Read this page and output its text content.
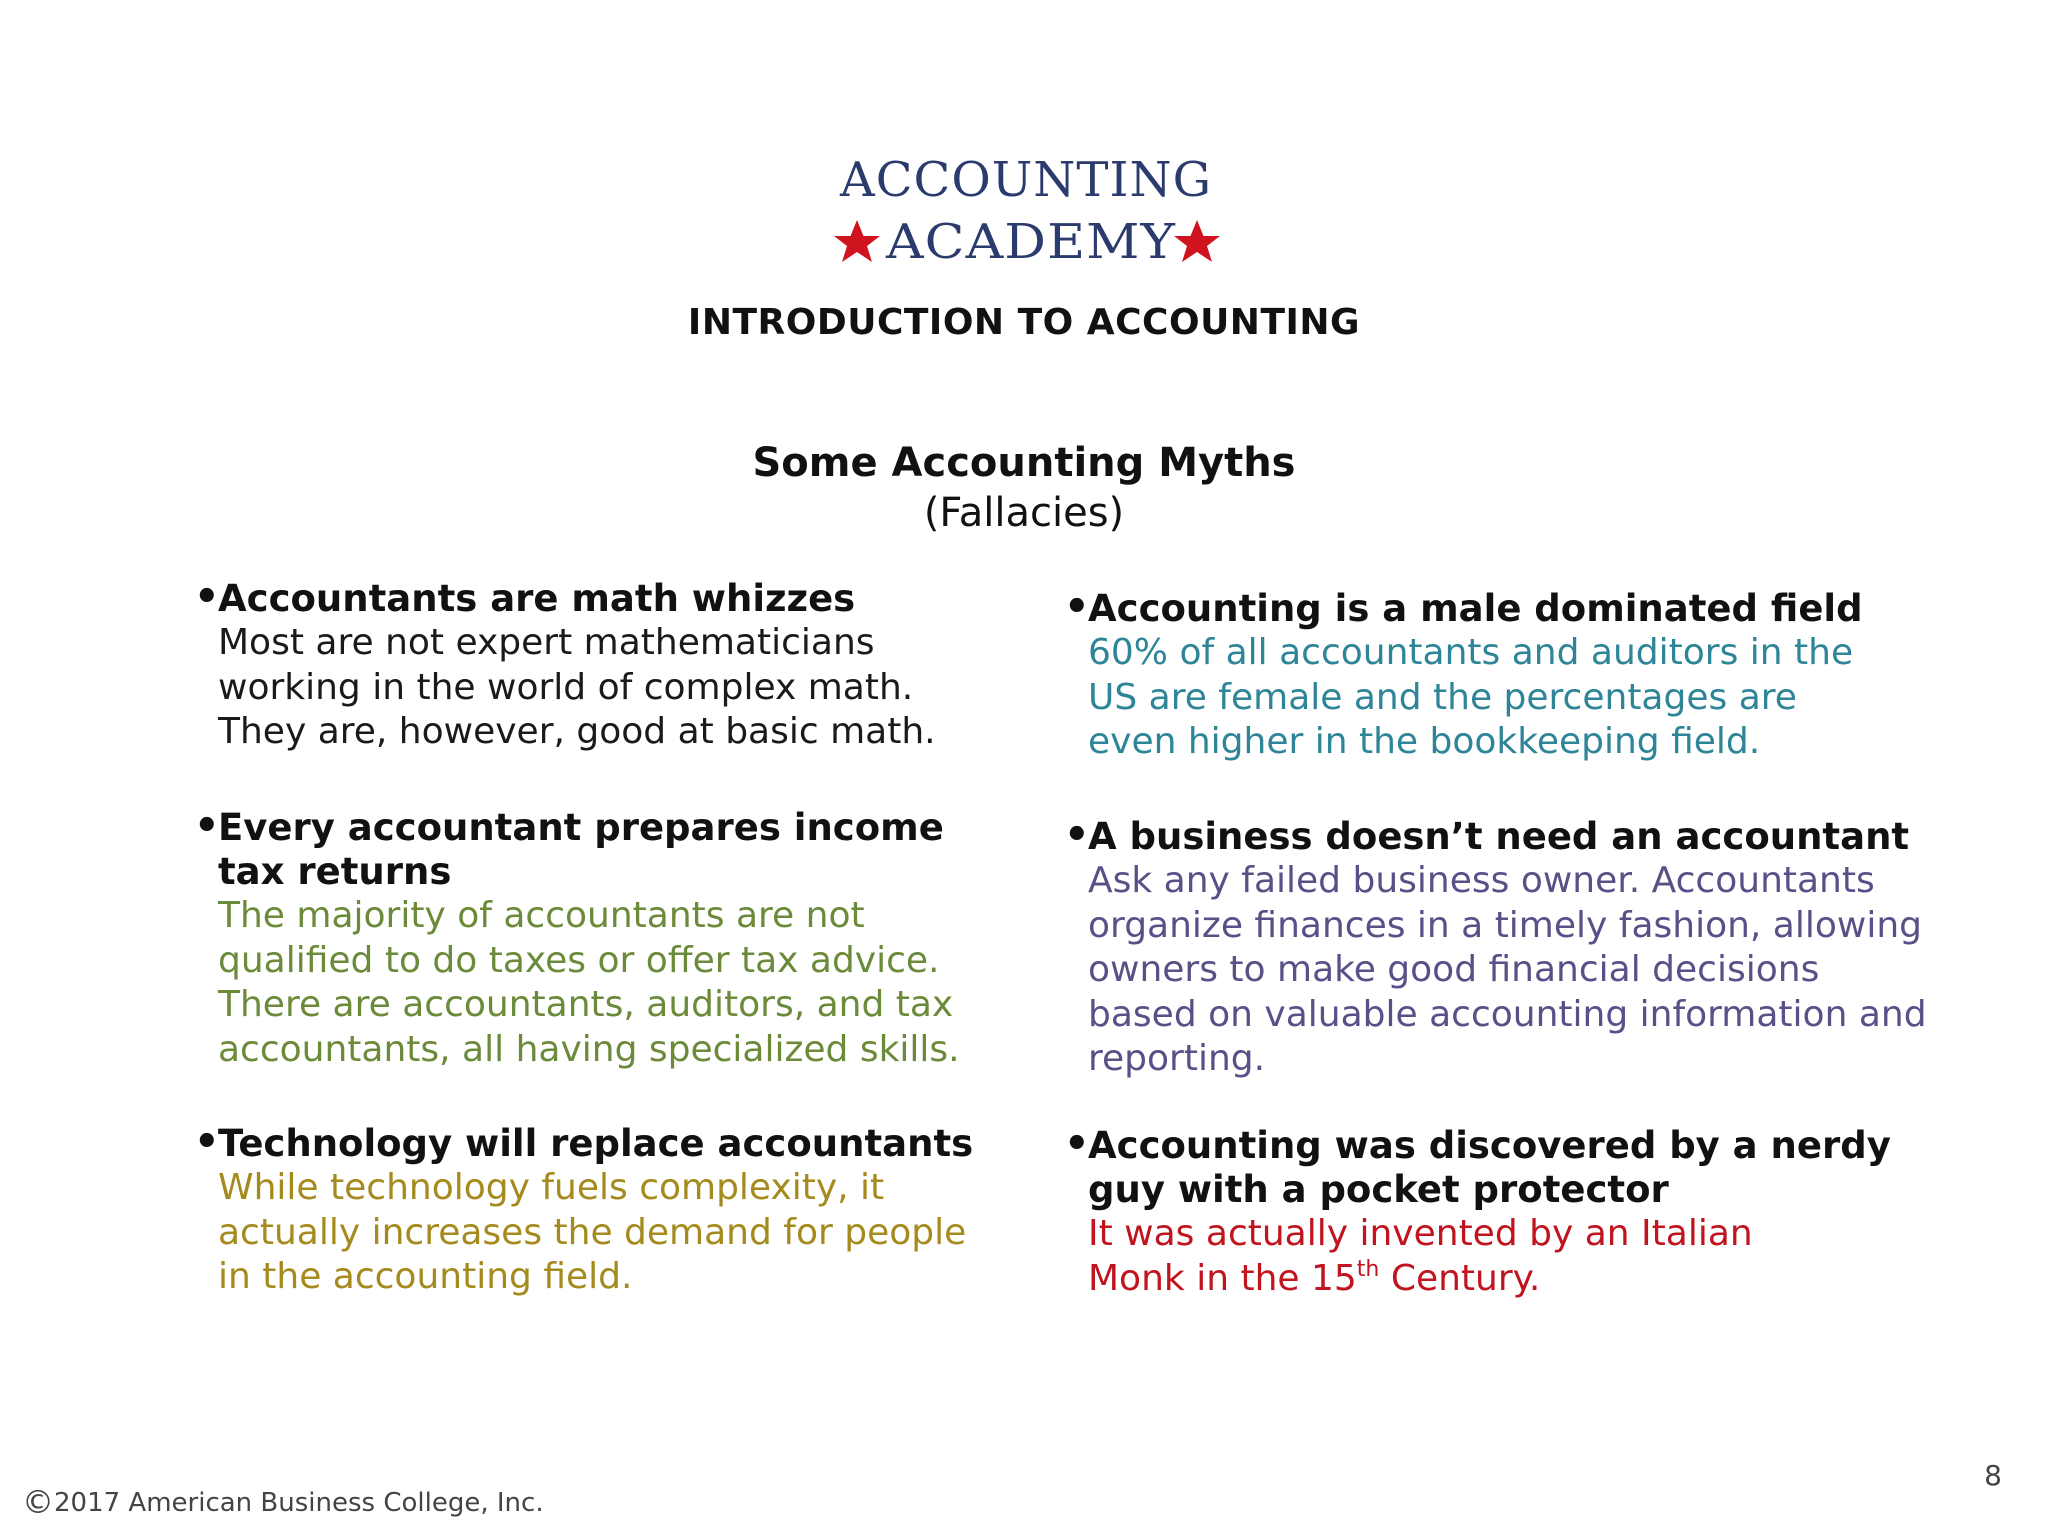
ACCOUNTING
ACADEMY
INTRODUCTION TO ACCOUNTING
Some Accounting Myths
(Fallacies)
•
Accountants are math whizzes
Most are not expert mathematicians working in the world of complex math. They are, however, good at basic math.
•
Every accountant prepares income tax returns
The majority of accountants are not qualified to do taxes or offer tax advice. There are accountants, auditors, and tax accountants, all having specialized skills.
•
Technology will replace accountants
While technology fuels complexity, it actually increases the demand for people in the accounting field.
•
Accounting is a male dominated field
60% of all accountants and auditors in the US are female and the percentages are even higher in the bookkeeping field.
•
A business doesn’t need an accountant
Ask any failed business owner. Accountants organize finances in a timely fashion, allowing owners to make good financial decisions based on valuable accounting information and reporting.
•
Accounting was discovered by a nerdy guy with a pocket protector
It was actually invented by an Italian Monk in the 15th Century.
©2017 American Business College, Inc.
8
